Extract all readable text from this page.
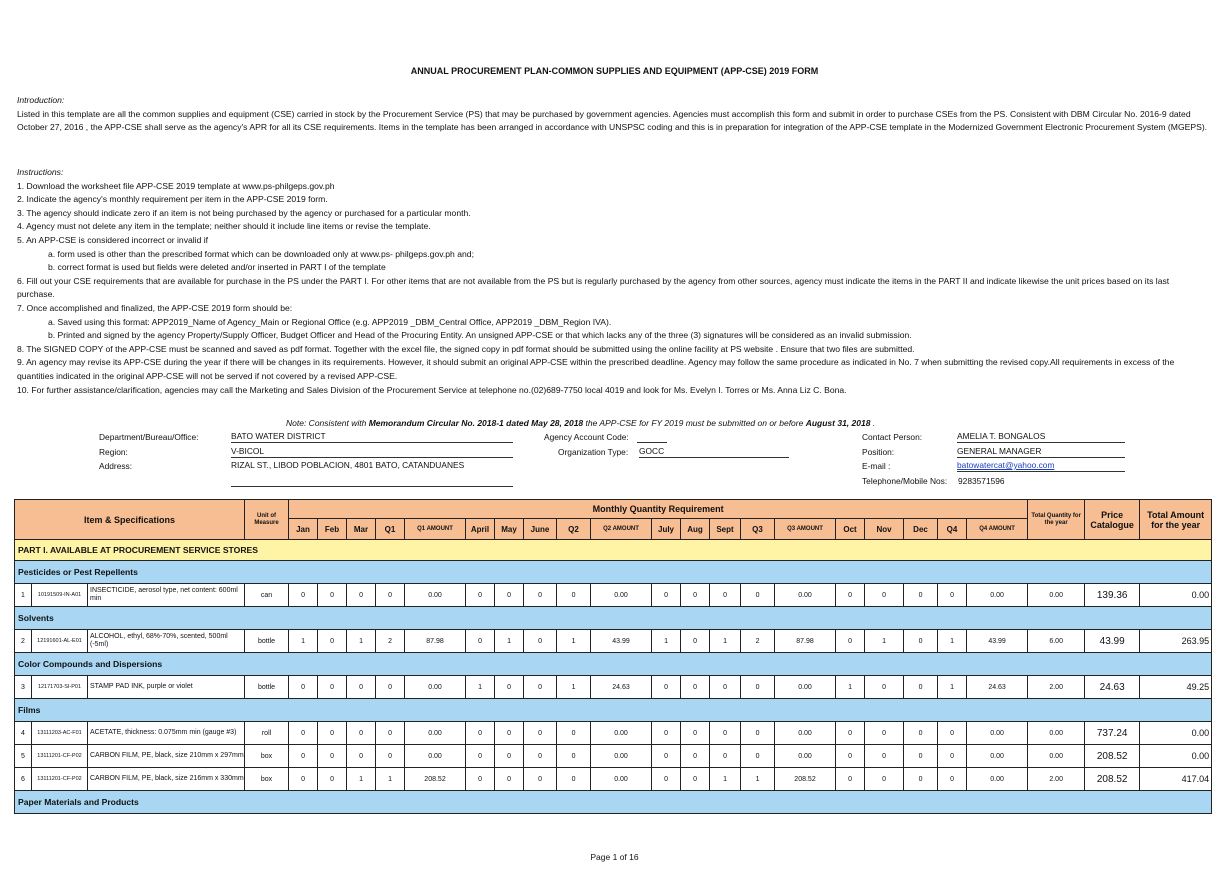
ANNUAL PROCUREMENT PLAN-COMMON SUPPLIES AND EQUIPMENT (APP-CSE) 2019 FORM
Introduction:
Listed in this template are all the common supplies and equipment (CSE) carried in stock by the Procurement Service (PS) that may be purchased by government agencies. Agencies must accomplish this form and submit in order to purchase CSEs from the PS. Consistent with DBM Circular No. 2016-9 dated October 27, 2016 , the APP-CSE shall serve as the agency's APR for all its CSE requirements. Items in the template has been arranged in accordance with UNSPSC coding and this is in preparation for integration of the APP-CSE template in the Modernized Government Electronic Procurement System (MGEPS).
Instructions:
1. Download the worksheet file APP-CSE 2019 template at www.ps-philgeps.gov.ph
2. Indicate the agency's monthly requirement per item in the APP-CSE 2019 form.
3. The agency should indicate zero if an item is not being purchased by the agency or purchased for a particular month.
4. Agency must not delete any item in the template; neither should it include line items or revise the template.
5. An APP-CSE is considered incorrect or invalid if
a. form used is other than the prescribed format which can be downloaded only at www.ps- philgeps.gov.ph and;
b. correct format is used but fields were deleted and/or inserted in PART I of the template
6. Fill out your CSE requirements that are available for purchase in the PS under the PART I. For other items that are not available from the PS but is regularly purchased by the agency from other sources, agency must indicate the items in the PART II and indicate likewise the unit prices based on its last purchase.
7. Once accomplished and finalized, the APP-CSE 2019 form should be:
a. Saved using this format: APP2019_Name of Agency_Main or Regional Office (e.g. APP2019 _DBM_Central Office, APP2019 _DBM_Region IVA).
b. Printed and signed by the agency Property/Supply Officer, Budget Officer and Head of the Procuring Entity. An unsigned APP-CSE or that which lacks any of the three (3) signatures will be considered as an invalid submission.
8. The SIGNED COPY of the APP-CSE must be scanned and saved as pdf format. Together with the excel file, the signed copy in pdf format should be submitted using the online facility at PS website . Ensure that two files are submitted.
9. An agency may revise its APP-CSE during the year if there will be changes in its requirements. However, it should submit an original APP-CSE within the prescribed deadline. Agency may follow the same procedure as indicated in No. 7 when submitting the revised copy.All requirements in excess of the quantities indicated in the original APP-CSE will not be served if not covered by a revised APP-CSE.
10. For further assistance/clarification, agencies may call the Marketing and Sales Division of the Procurement Service at telephone no.(02)689-7750 local 4019 and look for Ms. Evelyn I. Torres or Ms. Anna Liz C. Bona.
Note: Consistent with Memorandum Circular No. 2018-1 dated May 28, 2018 the APP-CSE for FY 2019 must be submitted on or before August 31, 2018 .
Department/Bureau/Office:	BATO WATER DISTRICT
Region:	V-BICOL
Address:	RIZAL ST., LIBOD POBLACION, 4801 BATO, CATANDUANES
Agency Account Code:
Organization Type: GOCC
Contact Person:	AMELIA T. BONGALOS
Position:	GENERAL MANAGER
E-mail :	batowatercat@yahoo.com
Telephone/Mobile Nos: 9283571596
Item & Specifications			Unit of Measure	Monthly Quantity Requirement																				Total Quantity for the year	Price Catalogue	Total Amount for the year
				Jan	Feb	Mar	Q1	Q1 AMOUNT	April	May	June	Q2	Q2 AMOUNT	July	Aug	Sept	Q3	Q3 AMOUNT	Oct	Nov	Dec	Q4	Q4 AMOUNT			
PART I. AVAILABLE AT PROCUREMENT SERVICE STORES																										
Pesticides or Pest Repellents																										
1	10191509-IN-A01	INSECTICIDE, aerosol type, net content: 600ml min	can	0	0	0	0	0.00	0	0	0	0	0.00	0	0	0	0	0.00	0	0	0	0	0.00	0.00	139.36	0.00
Solvents																										
2	12191601-AL-E01	ALCOHOL, ethyl, 68%-70%, scented, 500ml (-5ml)	bottle	1	0	1	2	87.98	0	1	0	1	43.99	1	0	1	2	87.98	0	1	0	1	43.99	6.00	43.99	263.95
Color Compounds and Dispersions																										
3	12171703-SI-P01	STAMP PAD INK, purple or violet	bottle	0	0	0	0	0.00	1	0	0	1	24.63	0	0	0	0	0.00	1	0	0	1	24.63	2.00	24.63	49.25
Films																										
4	13111203-AC-F01	ACETATE, thickness: 0.075mm min (gauge #3)	roll	0	0	0	0	0.00	0	0	0	0	0.00	0	0	0	0	0.00	0	0	0	0	0.00	0.00	737.24	0.00
5	13111201-CF-P02	CARBON FILM, PE, black, size 210mm x 297mm	box	0	0	0	0	0.00	0	0	0	0	0.00	0	0	0	0	0.00	0	0	0	0	0.00	0.00	208.52	0.00
6	13111201-CF-P02	CARBON FILM, PE, black, size 216mm x 330mm	box	0	0	1	1	208.52	0	0	0	0	0.00	0	0	1	1	208.52	0	0	0	0	0.00	2.00	208.52	417.04
Paper Materials and Products																										
Page 1 of 16
